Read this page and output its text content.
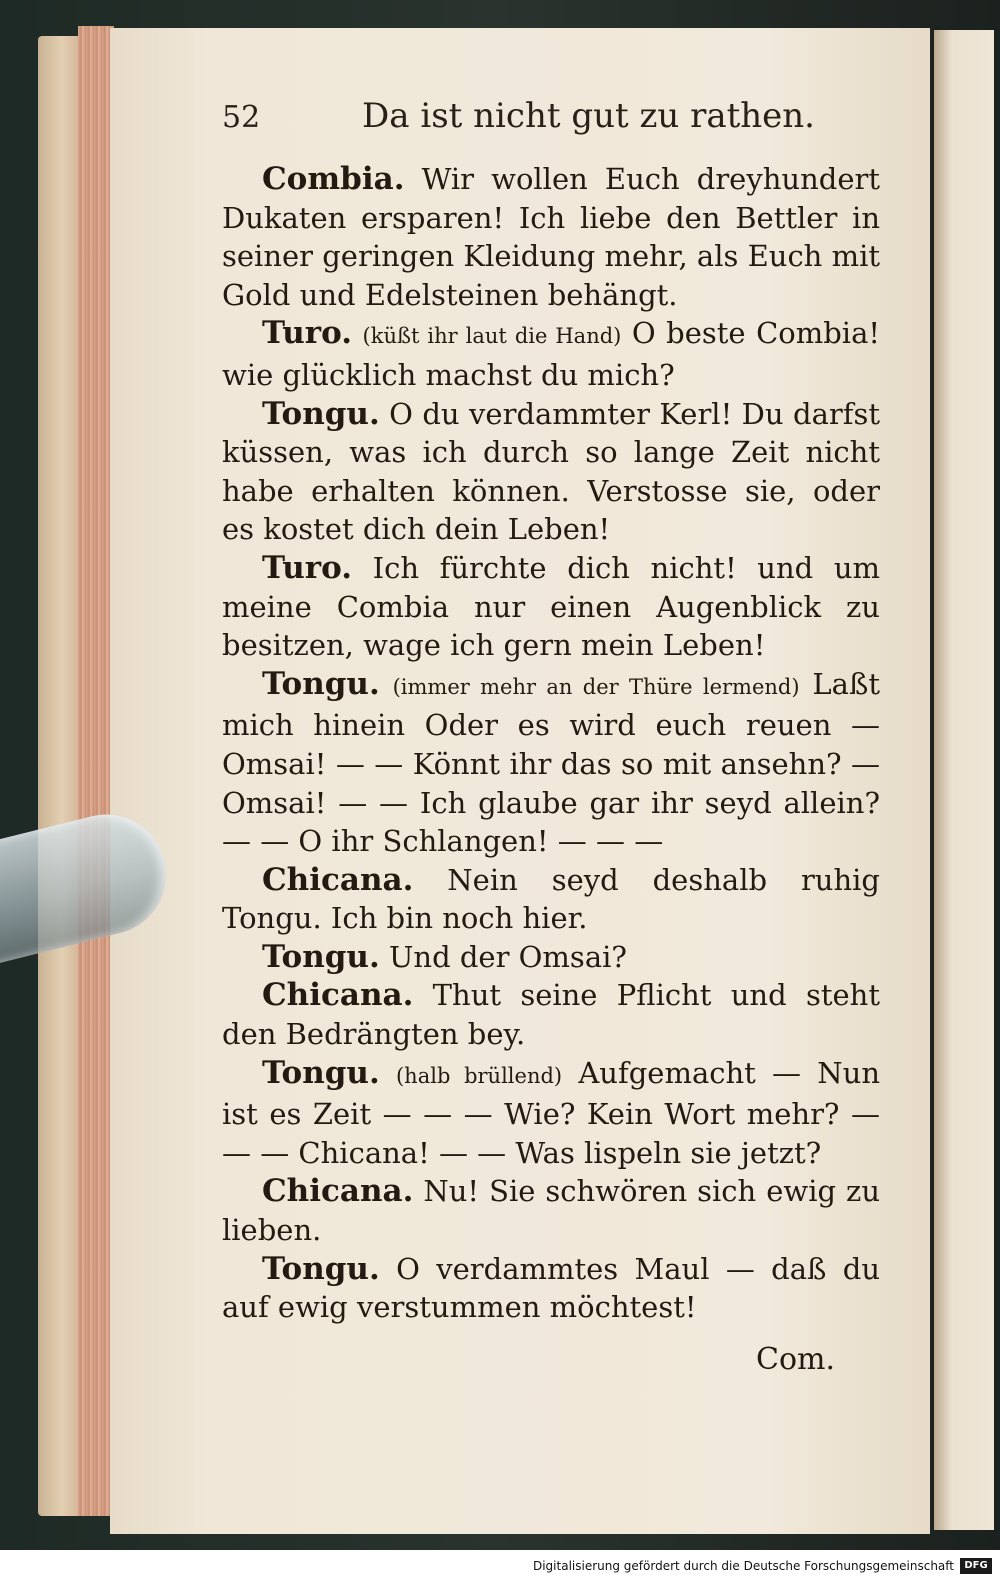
52	Da ist nicht gut zu rathen.

Combia. Wir wollen Euch dreyhundert Dukaten ersparen! Ich liebe den Bettler in seiner geringen Kleidung mehr, als Euch mit Gold und Edelsteinen behängt.

Turo. (küßt ihr laut die Hand) O beste Combia! wie glücklich machst du mich?

Tongu. O du verdammter Kerl! Du darfst küssen, was ich durch so lange Zeit nicht habe erhalten können. Verstosse sie, oder es kostet dich dein Leben!

Turo. Ich fürchte dich nicht! und um meine Combia nur einen Augenblick zu besitzen, wage ich gern mein Leben!

Tongu. (immer mehr an der Thüre lermend) Laßt mich hinein Oder es wird euch reuen — Omsai! — — Könnt ihr das so mit ansehn? — Omsai! — — Ich glaube gar ihr seyd allein? — — O ihr Schlangen! — — —

Chicana. Nein seyd deshalb ruhig Tongu. Ich bin noch hier.

Tongu. Und der Omsai?

Chicana. Thut seine Pflicht und steht den Bedrängten bey.

Tongu. (halb brüllend) Aufgemacht — Nun ist es Zeit — — — Wie? Kein Wort mehr? — — — Chicana! — — Was lispeln sie jetzt?

Chicana. Nu! Sie schwören sich ewig zu lieben.

Tongu. O verdammtes Maul — daß du auf ewig verstummen möchtest!

Com.
Digitalisierung gefördert durch die Deutsche Forschungsgemeinschaft	DFG
